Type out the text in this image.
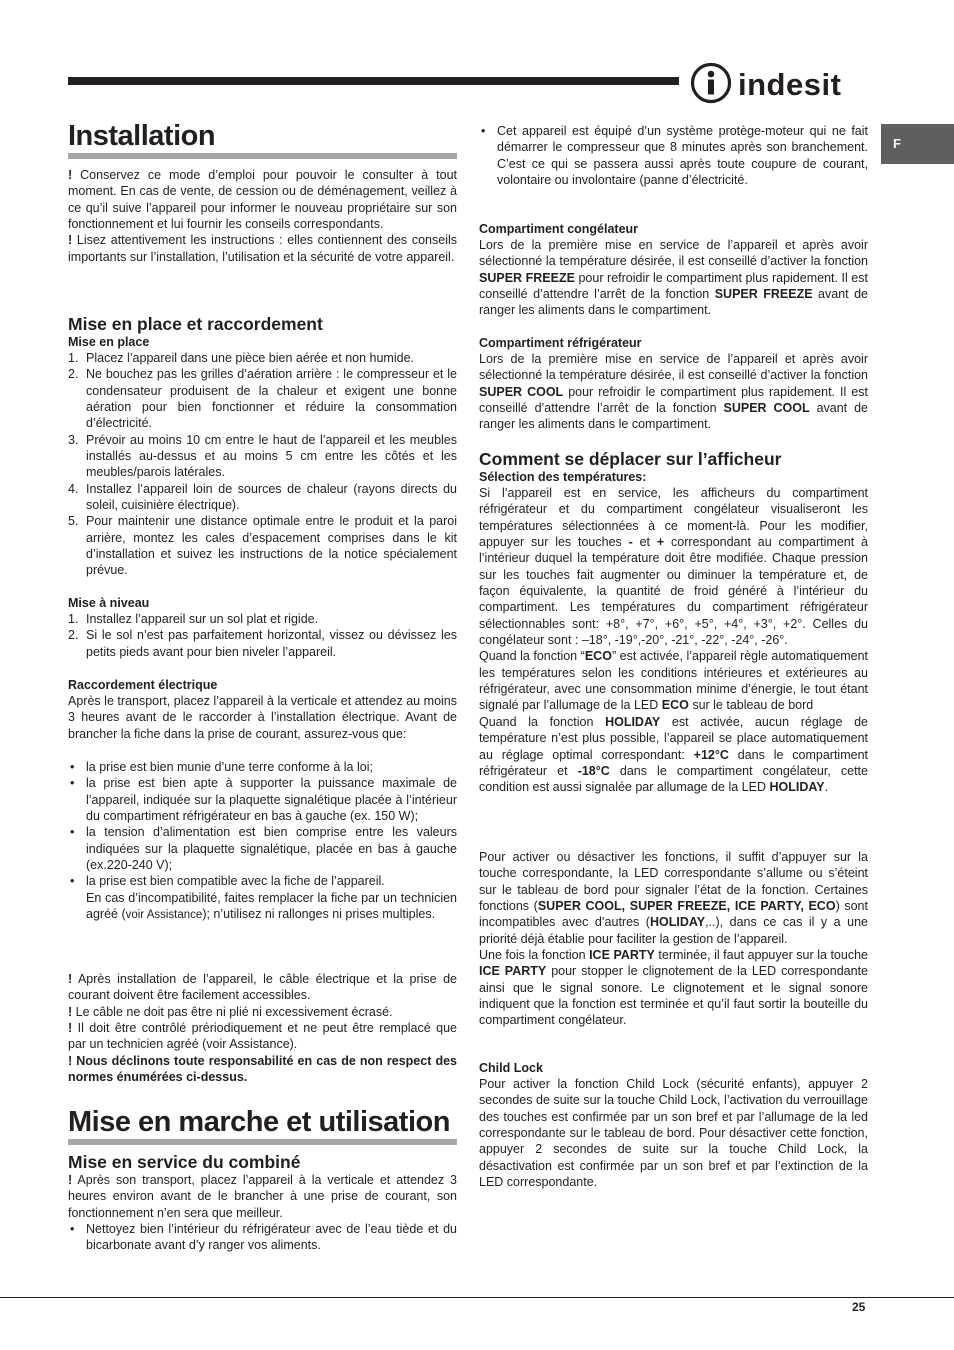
indesit
F
Installation

! Conservez ce mode d’emploi pour pouvoir le consulter à tout moment. En cas de vente, de cession ou de déménagement, veillez à ce qu’il suive l’appareil pour informer le nouveau propriétaire sur son fonctionnement et lui fournir les conseils correspondants.

! Lisez attentivement les instructions : elles contiennent des conseils importants sur l’installation, l’utilisation et la sécurité de votre appareil.

Mise en place et raccordement
Mise en place
1. Placez l’appareil dans une pièce bien aérée et non humide.
2. Ne bouchez pas les grilles d’aération arrière : le compresseur et le condensateur produisent de la chaleur et exigent une bonne aération pour bien fonctionner et réduire la consommation d’électricité.
3. Prévoir au moins 10 cm entre le haut de l’appareil et les meubles installés au-dessus et au moins 5 cm entre les côtés et les meubles/parois latérales.
4. Installez l’appareil loin de sources de chaleur (rayons directs du soleil, cuisinière électrique).
5. Pour maintenir une distance optimale entre le produit et la paroi arrière, montez les cales d’espacement comprises dans le kit d’installation et suivez les instructions de la notice spécialement prévue.
Mise à niveau
1. Installez l’appareil sur un sol plat et rigide.
2. Si le sol n’est pas parfaitement horizontal, vissez ou dévissez les petits pieds avant pour bien niveler l’appareil.
Raccordement électrique

Après le transport, placez l’appareil à la verticale et attendez au moins 3 heures avant de le raccorder à l’installation électrique. Avant de brancher la fiche dans la prise de courant, assurez-vous que:

• la prise est bien munie d’une terre conforme à la loi;
• la prise est bien apte à supporter la puissance maximale de l’appareil, indiquée sur la plaquette signalétique placée à l’intérieur du compartiment réfrigérateur en bas à gauche (ex. 150 W);
• la tension d’alimentation est bien comprise entre les valeurs indiquées sur la plaquette signalétique, placée en bas à gauche (ex.220-240 V);
• la prise est bien compatible avec la fiche de l’appareil.
En cas d’incompatibilité, faites remplacer la fiche par un technicien agréé (voir Assistance); n’utilisez ni rallonges ni prises multiples.

! Après installation de l’appareil, le câble électrique et la prise de courant doivent être facilement accessibles.

! Le câble ne doit pas être ni plié ni excessivement écrasé.

! Il doit être contrôlé prériodiquement et ne peut être remplacé que par un technicien agréé (voir Assistance).

! Nous déclinons toute responsabilité en cas de non respect des normes énumérées ci-dessus.

Mise en marche et utilisation
Mise en service du combiné

! Après son transport, placez l’appareil à la verticale et attendez 3 heures environ avant de le brancher à une prise de courant, son fonctionnement n’en sera que meilleur.

• Nettoyez bien l’intérieur du réfrigérateur avec de l’eau tiède et du bicarbonate avant d’y ranger vos aliments.
• Cet appareil est équipé d’un système protège-moteur qui ne fait démarrer le compresseur que 8 minutes après son branchement. C’est ce qui se passera aussi après toute coupure de courant, volontaire ou involontaire (panne d’électricité.
Compartiment congélateur

Lors de la première mise en service de l’appareil et après avoir sélectionné la température désirée, il est conseillé d’activer la fonction SUPER FREEZE pour refroidir le compartiment plus rapidement. Il est conseillé d’attendre l’arrêt de la fonction SUPER FREEZE avant de ranger les aliments dans le compartiment.

Compartiment réfrigérateur

Lors de la première mise en service de l’appareil et après avoir sélectionné la température désirée, il est conseillé d’activer la fonction SUPER COOL pour refroidir le compartiment plus rapidement. Il est conseillé d’attendre l’arrêt de la fonction SUPER COOL avant de ranger les aliments dans le compartiment.

Comment se déplacer sur l’afficheur
Sélection des températures:

Si l’appareil est en service, les afficheurs du compartiment réfrigérateur et du compartiment congélateur visualiseront les températures sélectionnées à ce moment-là. Pour les modifier, appuyer sur les touches - et + correspondant au compartiment à l’intérieur duquel la température doit être modifiée. Chaque pression sur les touches fait augmenter ou diminuer la température et, de façon équivalente, la quantité de froid généré à l’intérieur du compartiment. Les températures du compartiment réfrigérateur sélectionnables sont: +8°, +7°, +6°, +5°, +4°, +3°, +2°. Celles du congélateur sont : –18°, -19°,-20°, -21°, -22°, -24°, -26°.

Quand la fonction “ECO” est activée, l’appareil règle automatiquement les températures selon les conditions intérieures et extérieures au réfrigérateur, avec une consommation minime d’énergie, le tout étant signalé par l’allumage de la LED ECO sur le tableau de bord

Quand la fonction HOLIDAY est activée, aucun réglage de température n’est plus possible, l’appareil se place automatiquement au réglage optimal correspondant: +12°C dans le compartiment réfrigérateur et -18°C dans le compartiment congélateur, cette condition est aussi signalée par allumage de la LED HOLIDAY.

Pour activer ou désactiver les fonctions, il suffit d’appuyer sur la touche correspondante, la LED correspondante s’allume ou s’éteint sur le tableau de bord pour signaler l’état de la fonction. Certaines fonctions (SUPER COOL, SUPER FREEZE, ICE PARTY, ECO) sont incompatibles avec d’autres (HOLIDAY,..), dans ce cas il y a une priorité déjà établie pour faciliter la gestion de l’appareil.

Une fois la fonction ICE PARTY terminée, il faut appuyer sur la touche ICE PARTY pour stopper le clignotement de la LED correspondante ainsi que le signal sonore. Le clignotement et le signal sonore indiquent que la fonction est terminée et qu’il faut sortir la bouteille du compartiment congélateur.

Child Lock

Pour activer la fonction Child Lock (sécurité enfants), appuyer 2 secondes de suite sur la touche Child Lock, l’activation du verrouillage des touches est confirmée par un son bref et par l’allumage de la led correspondante sur le tableau de bord. Pour désactiver cette fonction, appuyer 2 secondes de suite sur la touche Child Lock, la désactivation est confirmée par un son bref et par l’extinction de la LED correspondante.

25
